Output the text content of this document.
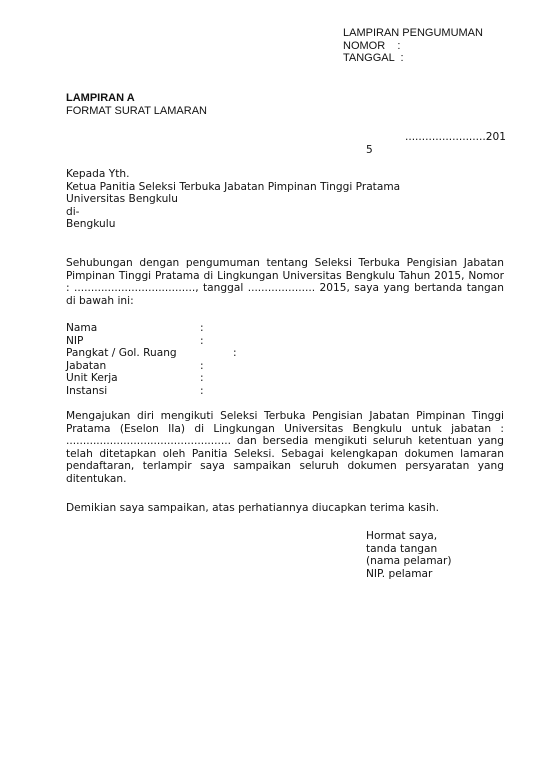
LAMPIRAN PENGUMUMAN
NOMOR    :
TANGGAL  :
LAMPIRAN A
FORMAT SURAT LAMARAN
........................201
5
Kepada Yth.
Ketua Panitia Seleksi Terbuka Jabatan Pimpinan Tinggi Pratama
Universitas Bengkulu
di-
Bengkulu
Sehubungan dengan pengumuman tentang Seleksi Terbuka Pengisian Jabatan Pimpinan Tinggi Pratama di Lingkungan Universitas Bengkulu Tahun 2015, Nomor : ...................................., tanggal .................... 2015, saya yang bertanda tangan di bawah ini:
Nama	:
NIP	:
Pangkat / Gol. Ruang	:
Jabatan	:
Unit Kerja	:
Instansi	:
Mengajukan diri mengikuti Seleksi Terbuka Pengisian Jabatan Pimpinan Tinggi Pratama (Eselon IIa) di Lingkungan Universitas Bengkulu untuk jabatan : ................................................. dan bersedia mengikuti seluruh ketentuan yang telah ditetapkan oleh Panitia Seleksi. Sebagai kelengkapan dokumen lamaran pendaftaran, terlampir saya sampaikan seluruh dokumen persyaratan yang ditentukan.
Demikian saya sampaikan, atas perhatiannya diucapkan terima kasih.
Hormat saya,
tanda tangan
(nama pelamar)
NIP. pelamar
